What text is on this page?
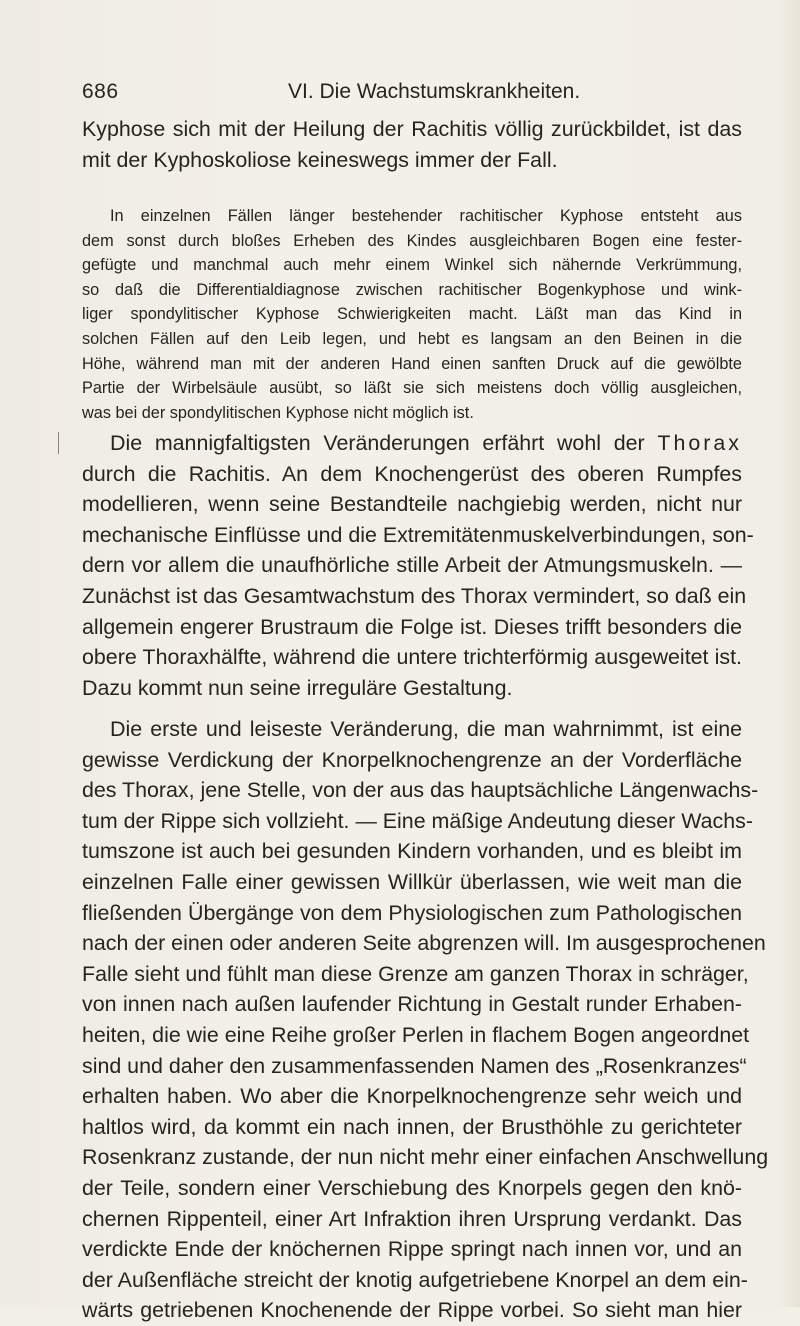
686	VI. Die Wachstumskrankheiten.
Kyphose sich mit der Heilung der Rachitis völlig zurückbildet, ist das
mit der Kyphoskoliose keineswegs immer der Fall.
In einzelnen Fällen länger bestehender rachitischer Kyphose entsteht aus
dem sonst durch bloßes Erheben des Kindes ausgleichbaren Bogen eine fester-
gefügte und manchmal auch mehr einem Winkel sich nähernde Verkrümmung,
so daß die Differentialdiagnose zwischen rachitischer Bogenkyphose und wink-
liger spondylitischer Kyphose Schwierigkeiten macht. Läßt man das Kind in
solchen Fällen auf den Leib legen, und hebt es langsam an den Beinen in die
Höhe, während man mit der anderen Hand einen sanften Druck auf die gewölbte
Partie der Wirbelsäule ausübt, so läßt sie sich meistens doch völlig ausgleichen,
was bei der spondylitischen Kyphose nicht möglich ist.
Die mannigfaltigsten Veränderungen erfährt wohl der Thorax
durch die Rachitis. An dem Knochengerüst des oberen Rumpfes
modellieren, wenn seine Bestandteile nachgiebig werden, nicht nur
mechanische Einflüsse und die Extremitätenmuskelverbindungen, son-
dern vor allem die unaufhörliche stille Arbeit der Atmungsmuskeln. —
Zunächst ist das Gesamtwachstum des Thorax vermindert, so daß ein
allgemein engerer Brustraum die Folge ist. Dieses trifft besonders die
obere Thoraxhälfte, während die untere trichterförmig ausgeweitet ist.
Dazu kommt nun seine irreguläre Gestaltung.
Die erste und leiseste Veränderung, die man wahrnimmt, ist eine
gewisse Verdickung der Knorpelknochengrenze an der Vorderfläche
des Thorax, jene Stelle, von der aus das hauptsächliche Längenwachs-
tum der Rippe sich vollzieht. — Eine mäßige Andeutung dieser Wachs-
tumszone ist auch bei gesunden Kindern vorhanden, und es bleibt im
einzelnen Falle einer gewissen Willkür überlassen, wie weit man die
fließenden Übergänge von dem Physiologischen zum Pathologischen
nach der einen oder anderen Seite abgrenzen will. Im ausgesprochenen
Falle sieht und fühlt man diese Grenze am ganzen Thorax in schräger,
von innen nach außen laufender Richtung in Gestalt runder Erhaben-
heiten, die wie eine Reihe großer Perlen in flachem Bogen angeordnet
sind und daher den zusammenfassenden Namen des „Rosenkranzes“
erhalten haben. Wo aber die Knorpelknochengrenze sehr weich und
haltlos wird, da kommt ein nach innen, der Brusthöhle zu gerichteter
Rosenkranz zustande, der nun nicht mehr einer einfachen Anschwellung
der Teile, sondern einer Verschiebung des Knorpels gegen den knö-
chernen Rippenteil, einer Art Infraktion ihren Ursprung verdankt. Das
verdickte Ende der knöchernen Rippe springt nach innen vor, und an
der Außenfläche streicht der knotig aufgetriebene Knorpel an dem ein-
wärts getriebenen Knochenende der Rippe vorbei. So sieht man hier
